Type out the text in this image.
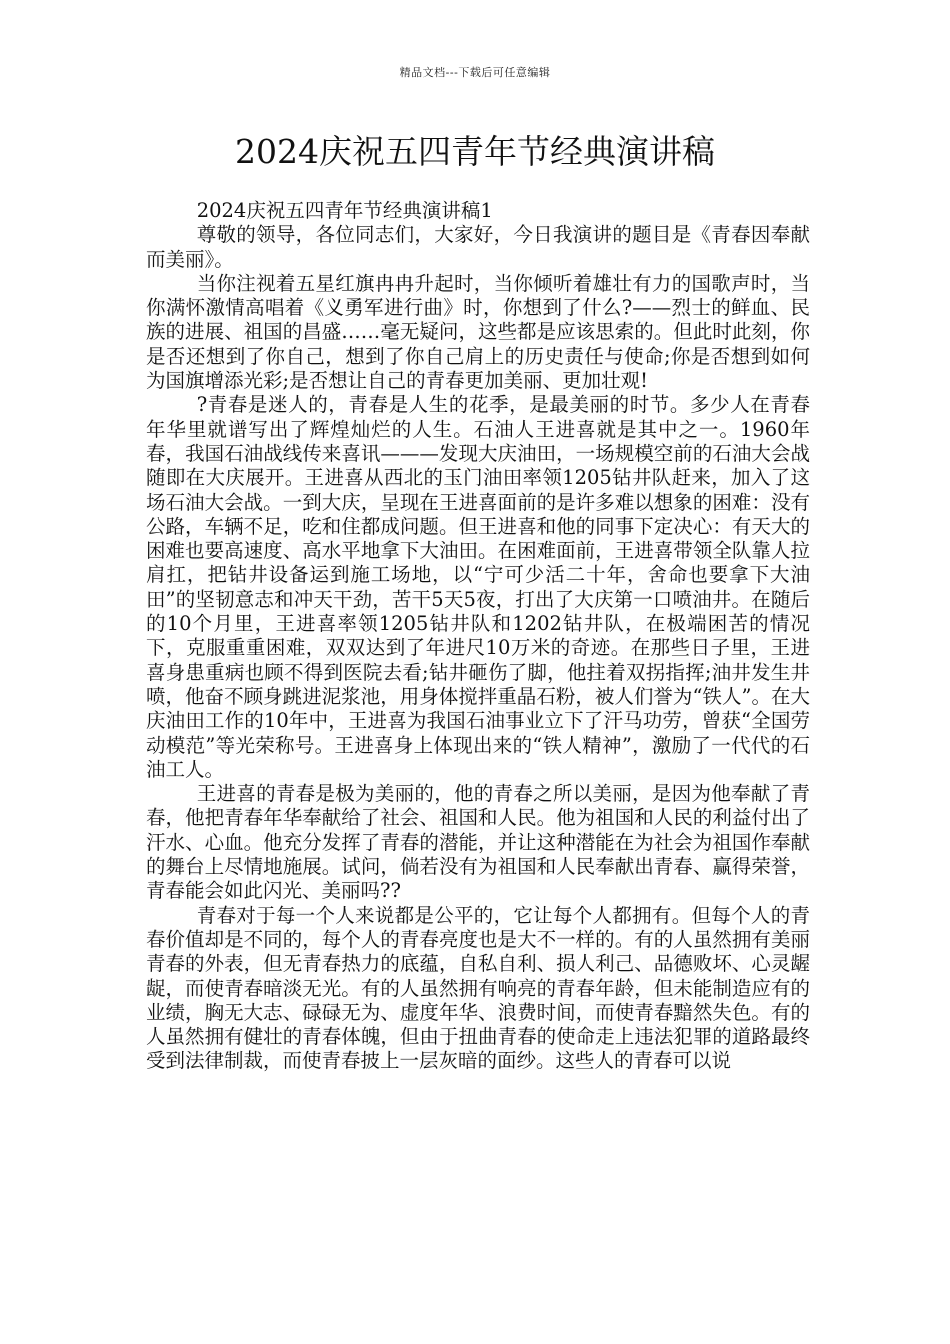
精品文档---下载后可任意编辑
2024庆祝五四青年节经典演讲稿

2024庆祝五四青年节经典演讲稿1

尊敬的领导，各位同志们，大家好，今日我演讲的题目是《青春因奉献而美丽》。

当你注视着五星红旗冉冉升起时，当你倾听着雄壮有力的国歌声时，当你满怀激情高唱着《义勇军进行曲》时，你想到了什么?——烈士的鲜血、民族的进展、祖国的昌盛……毫无疑问，这些都是应该思索的。但此时此刻，你是否还想到了你自己，想到了你自己肩上的历史责任与使命;你是否想到如何为国旗增添光彩;是否想让自己的青春更加美丽、更加壮观!

?青春是迷人的，青春是人生的花季，是最美丽的时节。多少人在青春年华里就谱写出了辉煌灿烂的人生。石油人王进喜就是其中之一。1960年春，我国石油战线传来喜讯———发现大庆油田，一场规模空前的石油大会战随即在大庆展开。王进喜从西北的玉门油田率领1205钻井队赶来，加入了这场石油大会战。一到大庆，呈现在王进喜面前的是许多难以想象的困难：没有公路，车辆不足，吃和住都成问题。但王进喜和他的同事下定决心：有天大的困难也要高速度、高水平地拿下大油田。在困难面前，王进喜带领全队靠人拉肩扛，把钻井设备运到施工场地，以“宁可少活二十年，舍命也要拿下大油田”的坚韧意志和冲天干劲，苦干5天5夜，打出了大庆第一口喷油井。在随后的10个月里，王进喜率领1205钻井队和1202钻井队，在极端困苦的情况下，克服重重困难，双双达到了年进尺10万米的奇迹。在那些日子里，王进喜身患重病也顾不得到医院去看;钻井砸伤了脚，他拄着双拐指挥;油井发生井喷，他奋不顾身跳进泥浆池，用身体搅拌重晶石粉，被人们誉为“铁人”。在大庆油田工作的10年中，王进喜为我国石油事业立下了汗马功劳，曾获“全国劳动模范”等光荣称号。王进喜身上体现出来的“铁人精神”，激励了一代代的石油工人。

王进喜的青春是极为美丽的，他的青春之所以美丽，是因为他奉献了青春，他把青春年华奉献给了社会、祖国和人民。他为祖国和人民的利益付出了汗水、心血。他充分发挥了青春的潜能，并让这种潜能在为社会为祖国作奉献的舞台上尽情地施展。试问，倘若没有为祖国和人民奉献出青春、赢得荣誉，青春能会如此闪光、美丽吗??

青春对于每一个人来说都是公平的，它让每个人都拥有。但每个人的青春价值却是不同的，每个人的青春亮度也是大不一样的。有的人虽然拥有美丽青春的外表，但无青春热力的底蕴，自私自利、损人利己、品德败坏、心灵龌龊，而使青春暗淡无光。有的人虽然拥有响亮的青春年龄，但未能制造应有的业绩，胸无大志、碌碌无为、虚度年华、浪费时间，而使青春黯然失色。有的人虽然拥有健壮的青春体魄，但由于扭曲青春的使命走上违法犯罪的道路最终受到法律制裁，而使青春披上一层灰暗的面纱。这些人的青春可以说
